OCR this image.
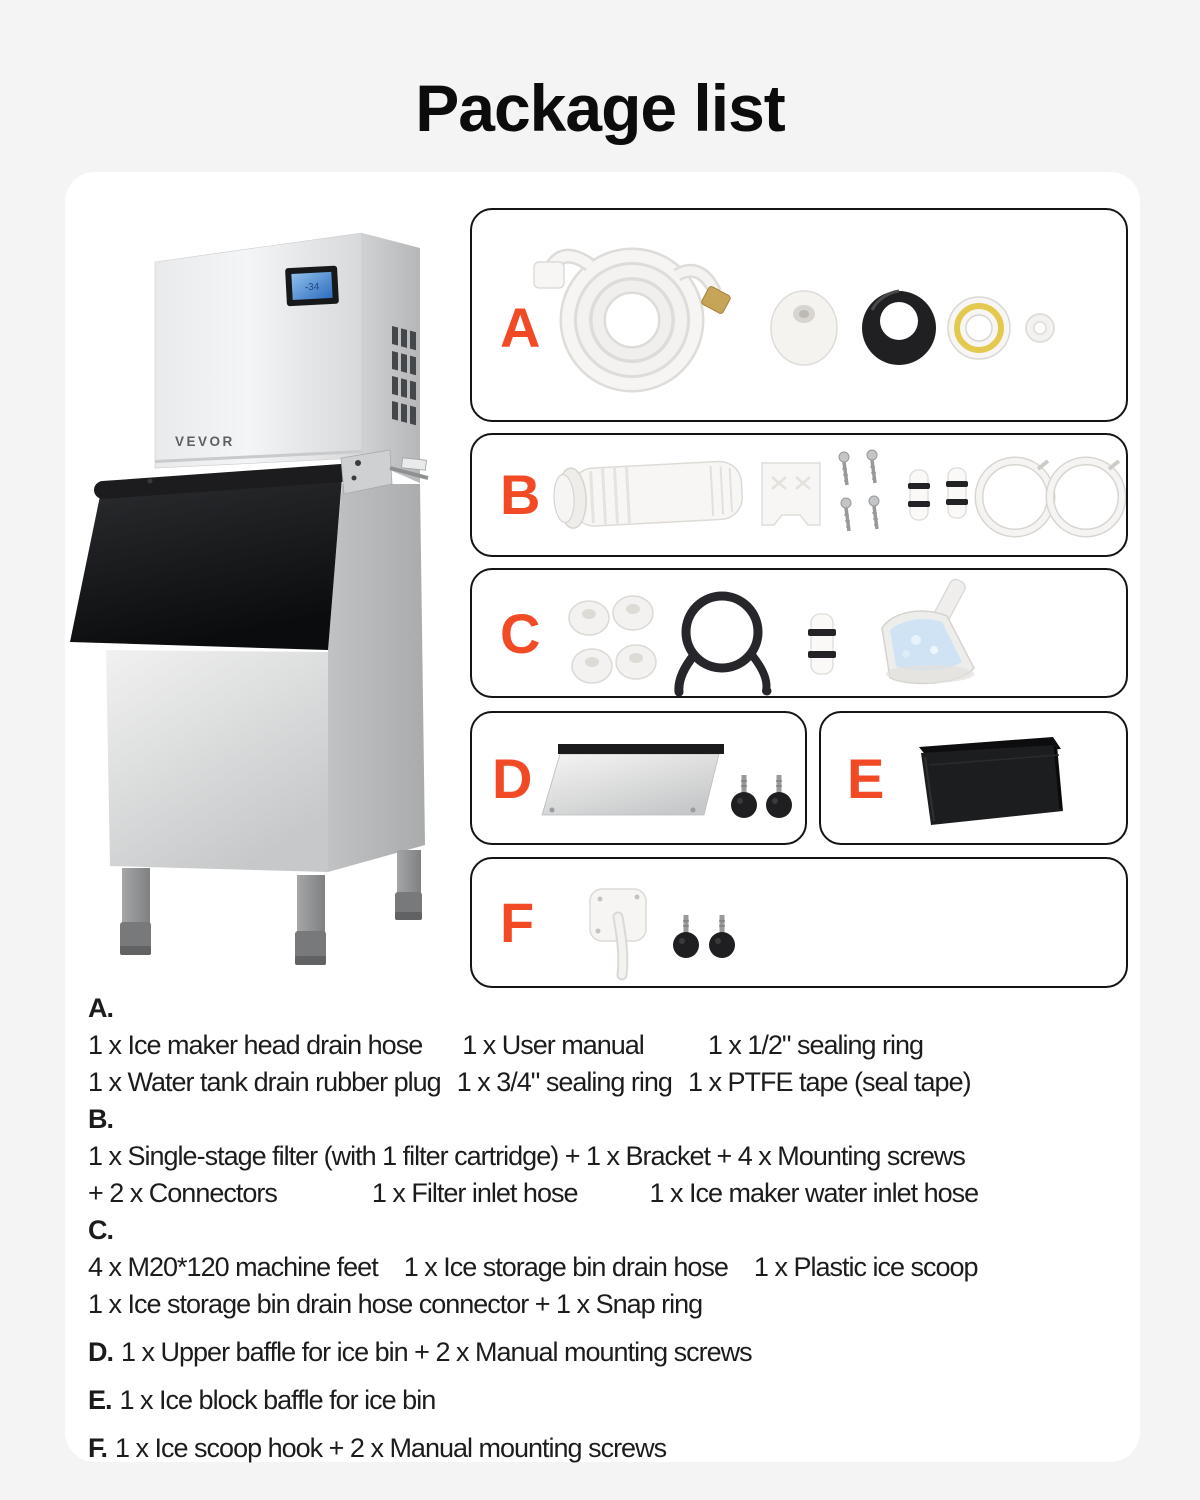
Package list
-34
VEVOR
A
B
C
D	E
F
A.
1 x Ice maker head drain hose 1 x User manual 1 x 1/2" sealing ring
1 x Water tank drain rubber plug 1 x 3/4" sealing ring 1 x PTFE tape (seal tape)
B.
1 x Single-stage filter (with 1 filter cartridge) + 1 x Bracket + 4 x Mounting screws
+ 2 x Connectors	1 x Filter inlet hose	1 x Ice maker water inlet hose
C.
4 x M20*120 machine feet 1 x Ice storage bin drain hose 1 x Plastic ice scoop
1 x Ice storage bin drain hose connector + 1 x Snap ring
D. 1 x Upper baffle for ice bin + 2 x Manual mounting screws
E. 1 x Ice block baffle for ice bin
F. 1 x Ice scoop hook + 2 x Manual mounting screws
